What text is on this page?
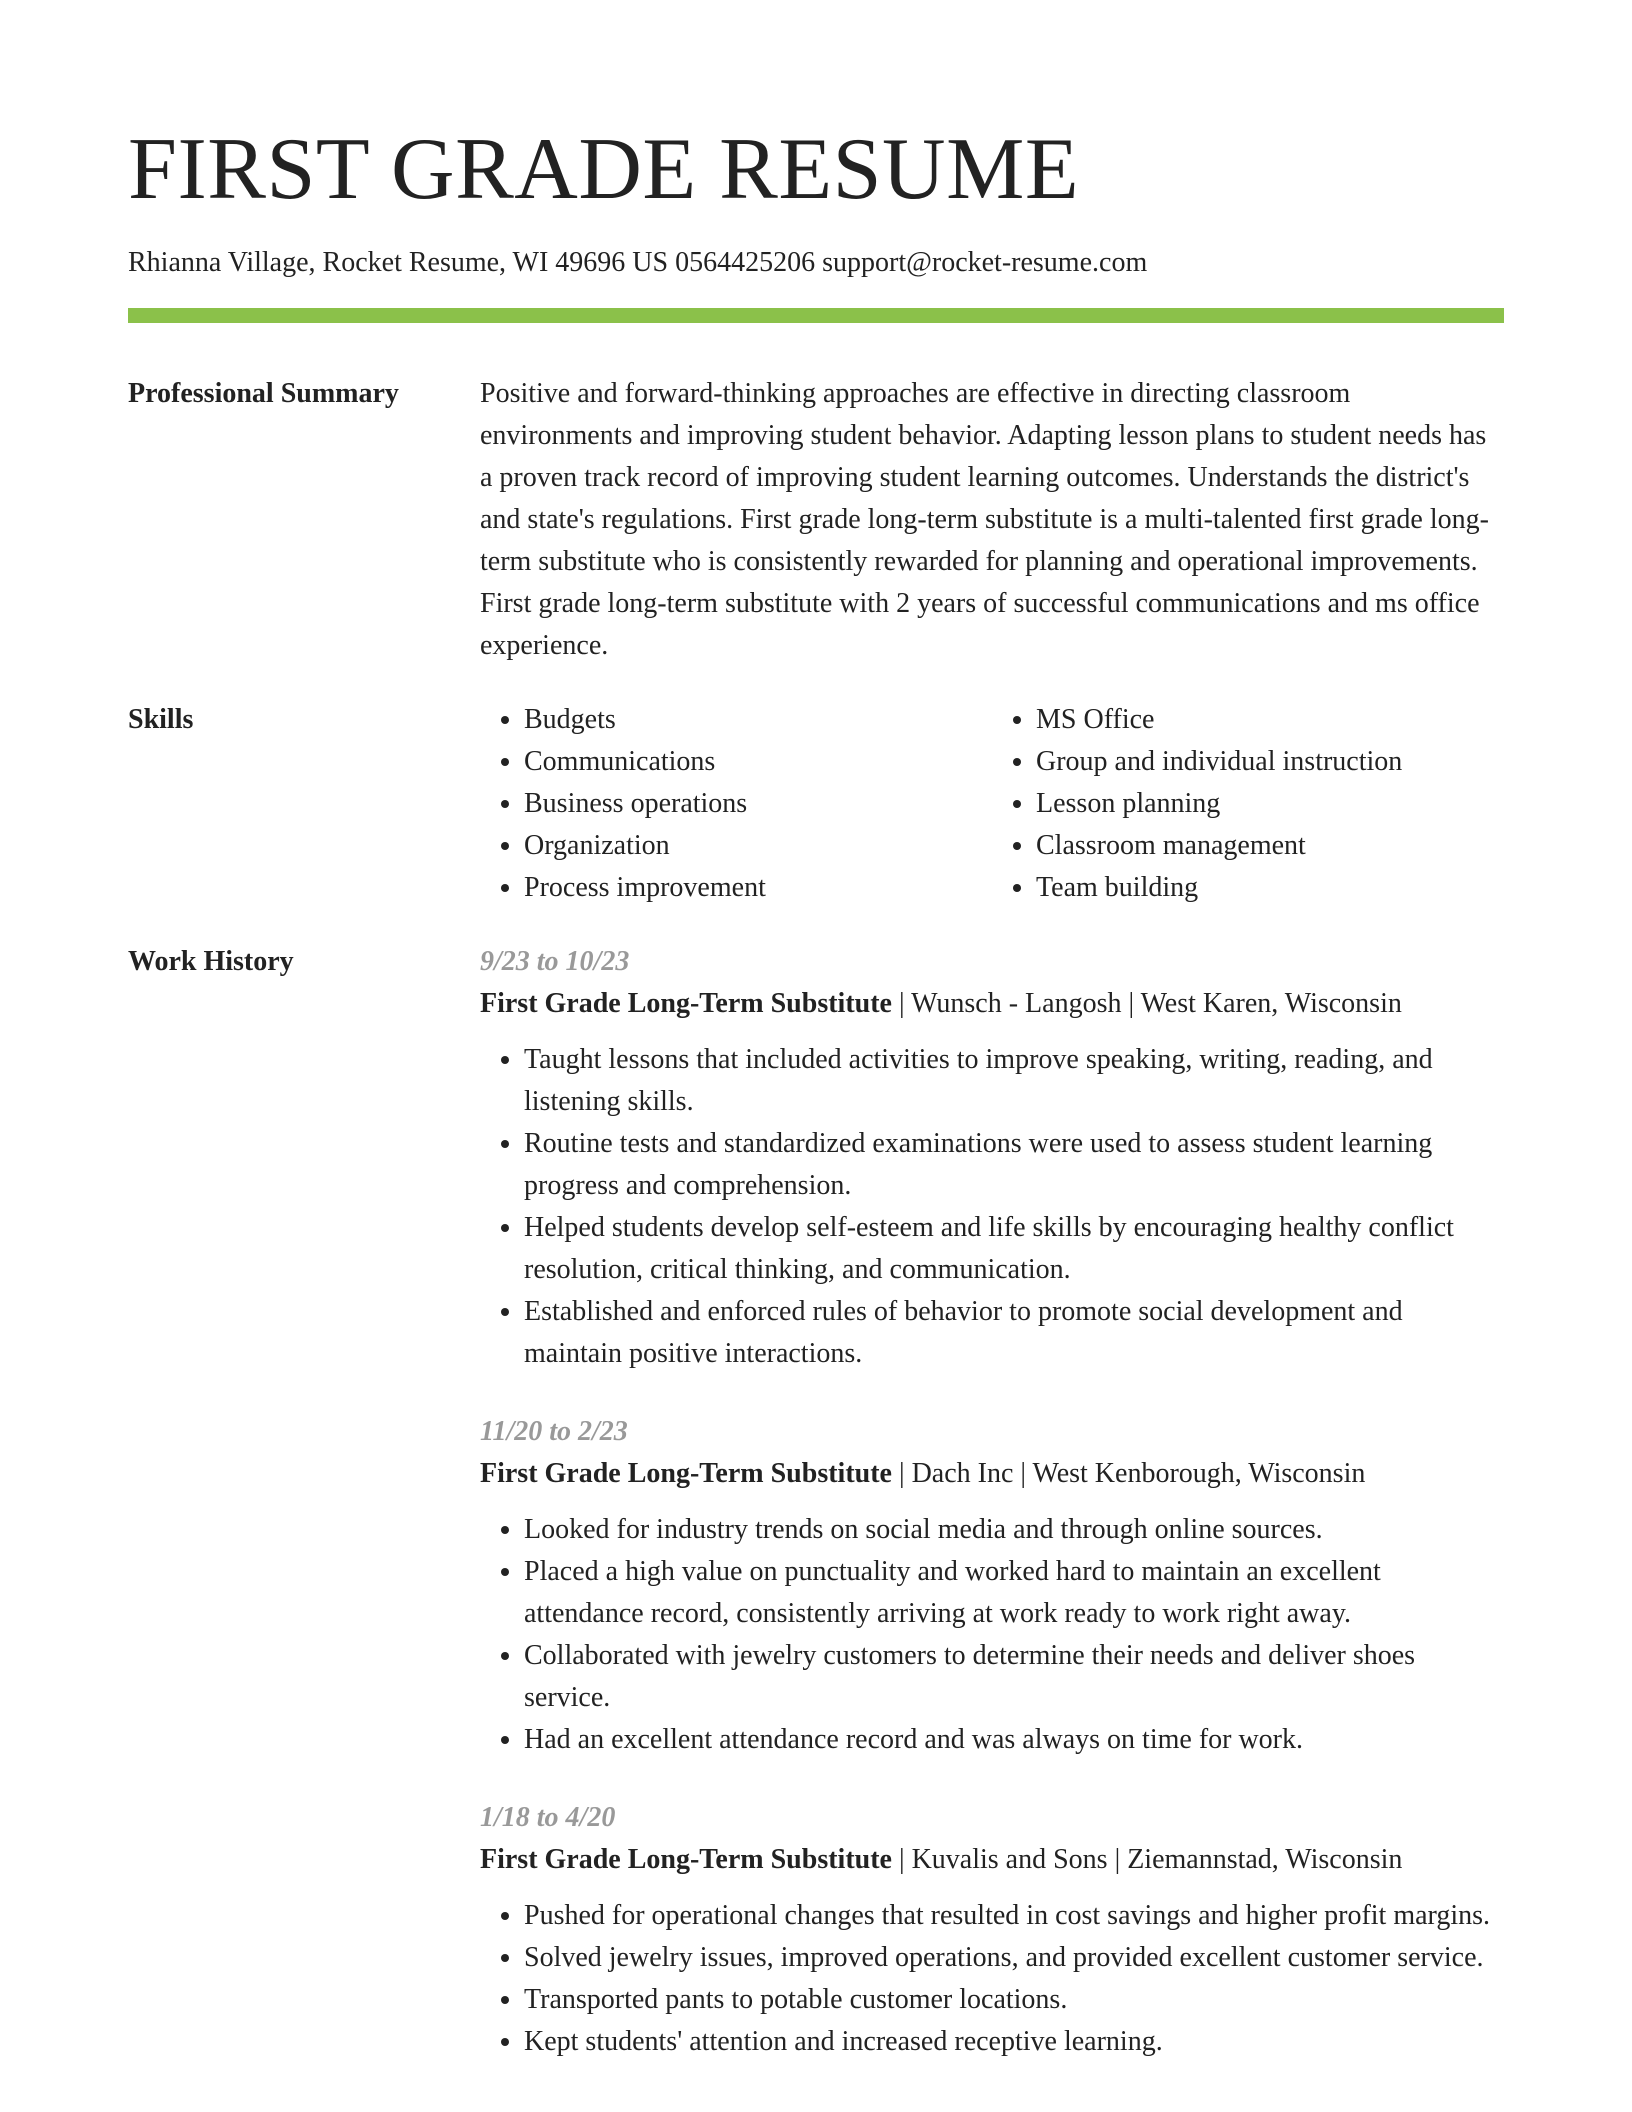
FIRST GRADE RESUME
Rhianna Village, Rocket Resume, WI 49696 US 0564425206 support@rocket-resume.com
Professional Summary	Positive and forward-thinking approaches are effective in directing classroom environments and improving student behavior. Adapting lesson plans to student needs has a proven track record of improving student learning outcomes. Understands the district's and state's regulations. First grade long-term substitute is a multi-talented first grade long-term substitute who is consistently rewarded for planning and operational improvements. First grade long-term substitute with 2 years of successful communications and ms office experience.

Skills
•	Budgets
• Communications
• Business operations
• Organization
• Process improvement
• MS Office
• Group and individual instruction
• Lesson planning
• Classroom management
• Team building
Work History	9/23 to 10/23
First Grade Long-Term Substitute | Wunsch - Langosh | West Karen, Wisconsin
• Taught lessons that included activities to improve speaking, writing, reading, and listening skills.
• Routine tests and standardized examinations were used to assess student learning progress and comprehension.
• Helped students develop self-esteem and life skills by encouraging healthy conflict resolution, critical thinking, and communication.
• Established and enforced rules of behavior to promote social development and maintain positive interactions.
11/20 to 2/23
First Grade Long-Term Substitute | Dach Inc | West Kenborough, Wisconsin
• Looked for industry trends on social media and through online sources.
• Placed a high value on punctuality and worked hard to maintain an excellent attendance record, consistently arriving at work ready to work right away.
• Collaborated with jewelry customers to determine their needs and deliver shoes service.
• Had an excellent attendance record and was always on time for work.
1/18 to 4/20
First Grade Long-Term Substitute | Kuvalis and Sons | Ziemannstad, Wisconsin
• Pushed for operational changes that resulted in cost savings and higher profit margins.
• Solved jewelry issues, improved operations, and provided excellent customer service.
• Transported pants to potable customer locations.
• Kept students' attention and increased receptive learning.
